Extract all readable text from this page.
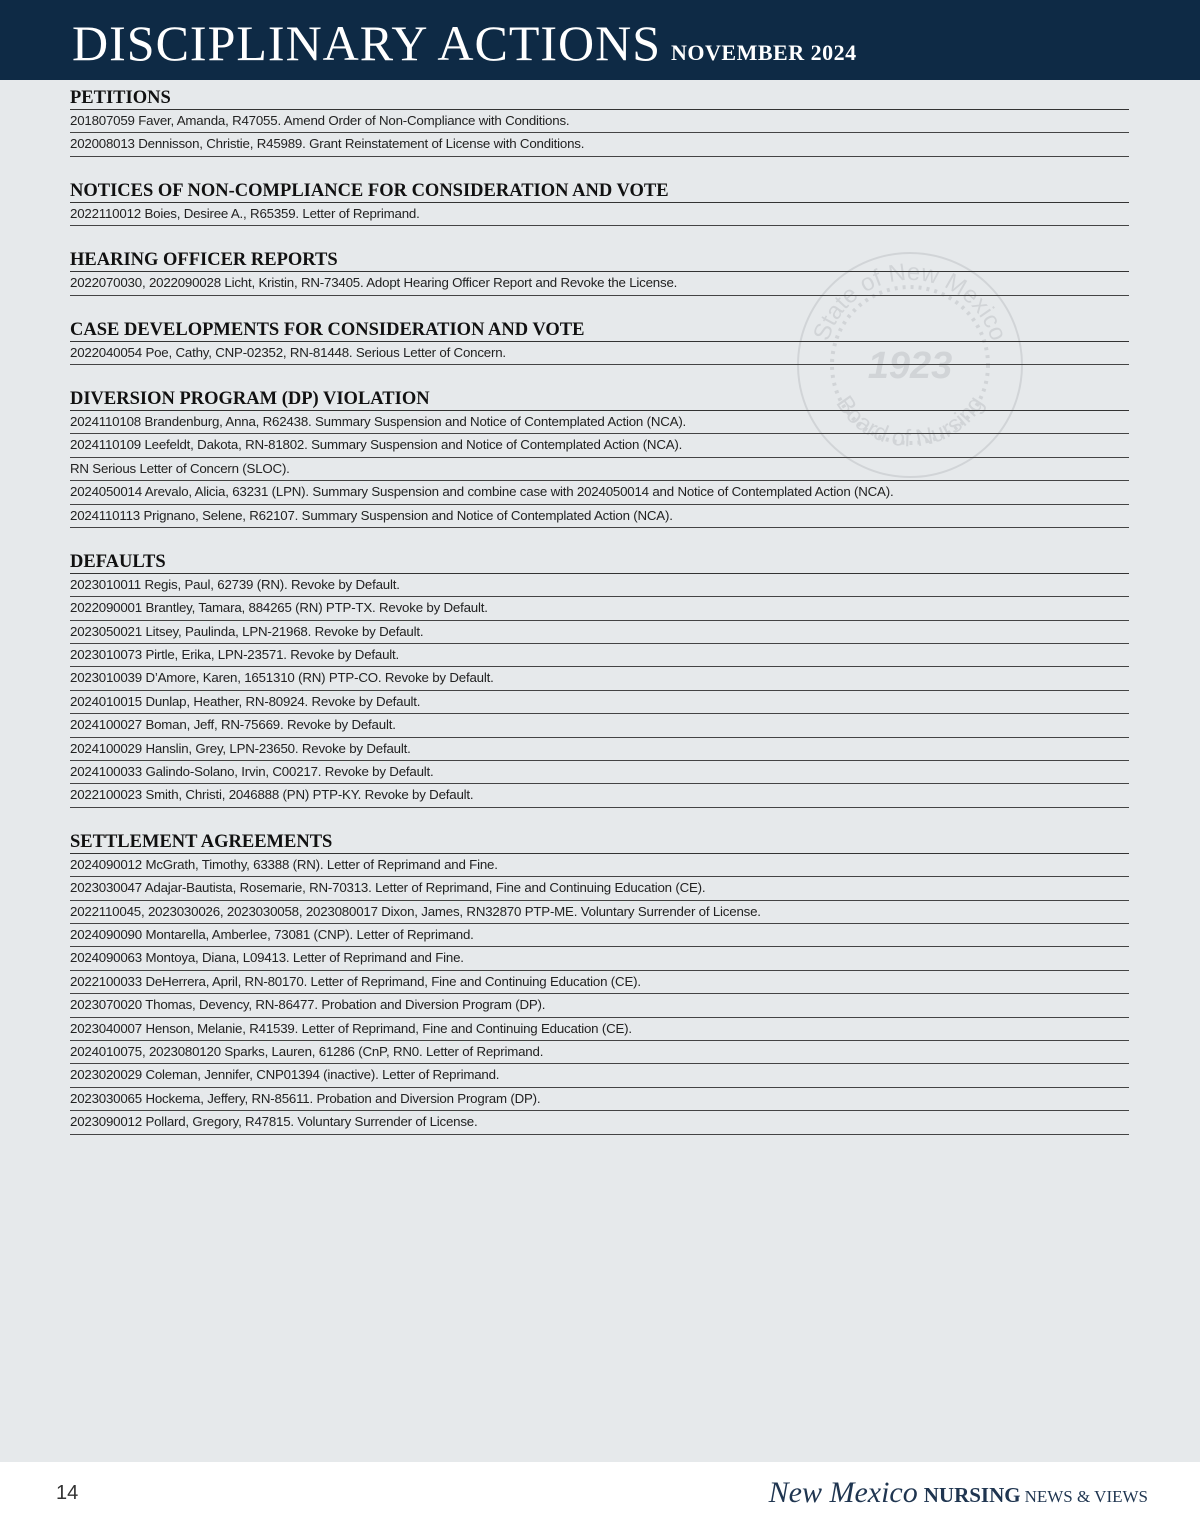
DISCIPLINARY ACTIONS NOVEMBER 2024
State of New Mexico
1923
Board of Nursing
PETITIONS
201807059 Faver, Amanda, R47055. Amend Order of Non-Compliance with Conditions.
202008013 Dennisson, Christie, R45989. Grant Reinstatement of License with Conditions.
NOTICES OF NON-COMPLIANCE FOR CONSIDERATION AND VOTE
2022110012 Boies, Desiree A., R65359. Letter of Reprimand.
HEARING OFFICER REPORTS
2022070030, 2022090028 Licht, Kristin, RN-73405. Adopt Hearing Officer Report and Revoke the License.
CASE DEVELOPMENTS FOR CONSIDERATION AND VOTE
2022040054 Poe, Cathy, CNP-02352, RN-81448. Serious Letter of Concern.
DIVERSION PROGRAM (DP) VIOLATION
2024110108 Brandenburg, Anna, R62438. Summary Suspension and Notice of Contemplated Action (NCA).
2024110109 Leefeldt, Dakota, RN-81802. Summary Suspension and Notice of Contemplated Action (NCA).
RN Serious Letter of Concern (SLOC).
2024050014 Arevalo, Alicia, 63231 (LPN). Summary Suspension and combine case with 2024050014 and Notice of Contemplated Action (NCA).
2024110113 Prignano, Selene, R62107. Summary Suspension and Notice of Contemplated Action (NCA).
DEFAULTS
2023010011 Regis, Paul, 62739 (RN). Revoke by Default.
2022090001 Brantley, Tamara, 884265 (RN) PTP-TX. Revoke by Default.
2023050021 Litsey, Paulinda, LPN-21968. Revoke by Default.
2023010073 Pirtle, Erika, LPN-23571. Revoke by Default.
2023010039 D’Amore, Karen, 1651310 (RN) PTP-CO. Revoke by Default.
2024010015 Dunlap, Heather, RN-80924. Revoke by Default.
2024100027 Boman, Jeff, RN-75669. Revoke by Default.
2024100029 Hanslin, Grey, LPN-23650. Revoke by Default.
2024100033 Galindo-Solano, Irvin, C00217. Revoke by Default.
2022100023 Smith, Christi, 2046888 (PN) PTP-KY. Revoke by Default.
SETTLEMENT AGREEMENTS
2024090012 McGrath, Timothy, 63388 (RN). Letter of Reprimand and Fine.
2023030047 Adajar-Bautista, Rosemarie, RN-70313. Letter of Reprimand, Fine and Continuing Education (CE).
2022110045, 2023030026, 2023030058, 2023080017 Dixon, James, RN32870 PTP-ME. Voluntary Surrender of License.
2024090090 Montarella, Amberlee, 73081 (CNP). Letter of Reprimand.
2024090063 Montoya, Diana, L09413. Letter of Reprimand and Fine.
2022100033 DeHerrera, April, RN-80170. Letter of Reprimand, Fine and Continuing Education (CE).
2023070020 Thomas, Devency, RN-86477. Probation and Diversion Program (DP).
2023040007 Henson, Melanie, R41539. Letter of Reprimand, Fine and Continuing Education (CE).
2024010075, 2023080120 Sparks, Lauren, 61286 (CnP, RN0. Letter of Reprimand.
2023020029 Coleman, Jennifer, CNP01394 (inactive). Letter of Reprimand.
2023030065 Hockema, Jeffery, RN-85611. Probation and Diversion Program (DP).
2023090012 Pollard, Gregory, R47815. Voluntary Surrender of License.
14	New Mexico NURSING NEWS & VIEWS
